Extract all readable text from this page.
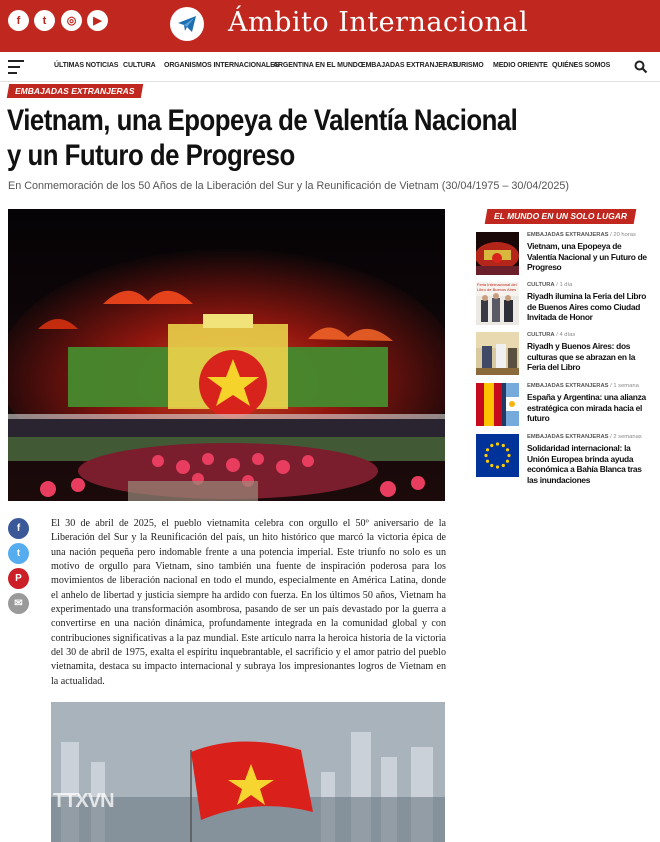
f	t	◎	▶	Ámbito Internacional
ÚLTIMAS NOTICIAS CULTURA ORGANISMOS INTERNACIONALES
ARGENTINA EN EL MUNDO
EMBAJADAS EXTRANJERAS
TURISMO MEDIO ORIENTE QUIÉNES SOMOS
EMBAJADAS EXTRANJERAS
Vietnam, una Epopeya de Valentía Nacional
y un Futuro de Progreso
En Conmemoración de los 50 Años de la Liberación del Sur y la Reunificación de Vietnam (30/04/1975 – 30/04/2025)
f
t
P
✉

El 30 de abril de 2025, el pueblo vietnamita celebra con orgullo el 50º aniversario de la Liberación del Sur y la Reunificación del país, un hito histórico que marcó la victoria épica de una nación pequeña pero indomable frente a una potencia imperial. Este triunfo no solo es un motivo de orgullo para Vietnam, sino también una fuente de inspiración poderosa para los movimientos de liberación nacional en todo el mundo, especialmente en América Latina, donde el anhelo de libertad y justicia siempre ha ardido con fuerza. En los últimos 50 años, Vietnam ha experimentado una transformación asombrosa, pasando de ser un país devastado por la guerra a convertirse en una nación dinámica, profundamente integrada en la comunidad global y con contribuciones significativas a la paz mundial. Este artículo narra la heroica historia de la victoria del 30 de abril de 1975, exalta el espíritu inquebrantable, el sacrificio y el amor patrio del pueblo vietnamita, destaca su impacto internacional y subraya los impresionantes logros de Vietnam en la actualidad.

TTXVN
EL MUNDO EN UN SOLO LUGAR
EMBAJADAS EXTRANJERAS / 20 horas
Vietnam, una Epopeya de Valentía Nacional y un Futuro de Progreso
Feria Internacional del Libro de Buenos Aires
CULTURA / 1 día
Riyadh ilumina la Feria del Libro de Buenos Aires como Ciudad Invitada de Honor
CULTURA / 4 días
Riyadh y Buenos Aires: dos culturas que se abrazan en la Feria del Libro
EMBAJADAS EXTRANJERAS / 1 semana
España y Argentina: una alianza estratégica con mirada hacia el futuro
EMBAJADAS EXTRANJERAS / 2 semanas
Solidaridad internacional: la Unión Europea brinda ayuda económica a Bahía Blanca tras las inundaciones
